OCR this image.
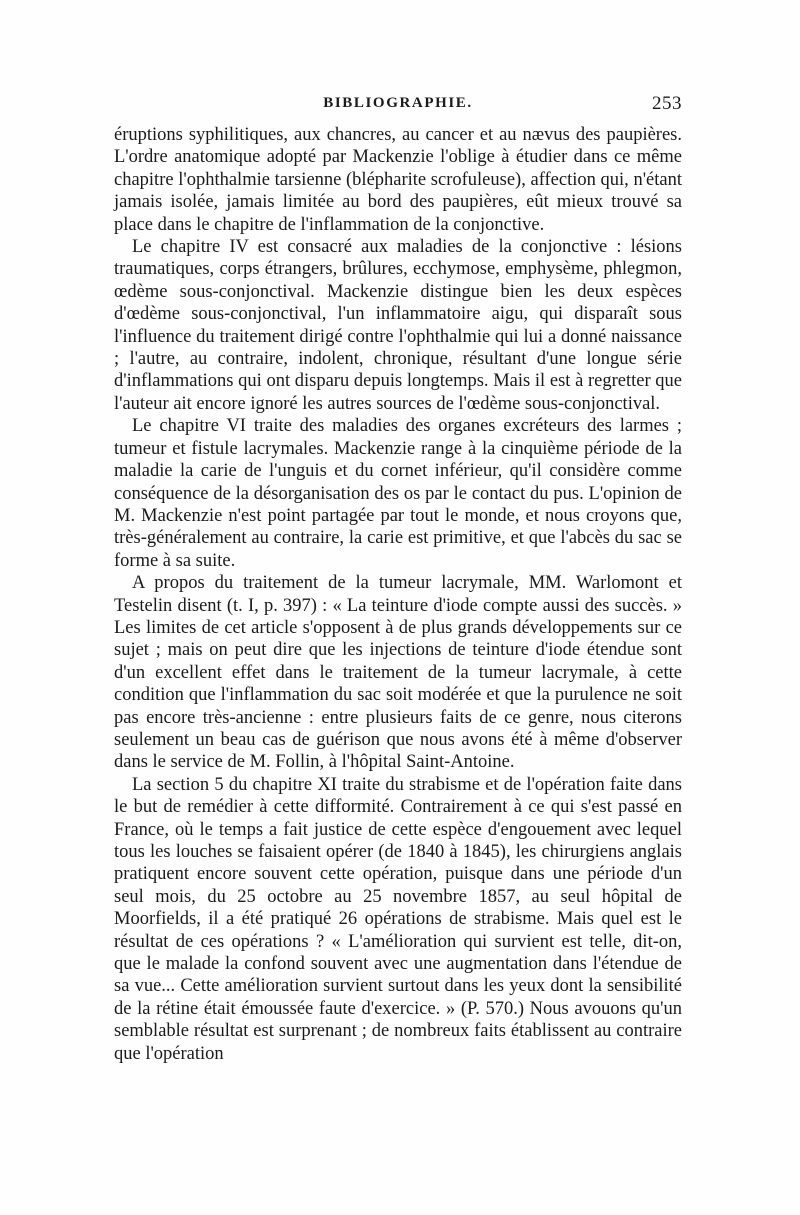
BIBLIOGRAPHIE.	253

éruptions syphilitiques, aux chancres, au cancer et au nævus des paupières. L'ordre anatomique adopté par Mackenzie l'oblige à étudier dans ce même chapitre l'ophthalmie tarsienne (blépharite scrofuleuse), affection qui, n'étant jamais isolée, jamais limitée au bord des paupières, eût mieux trouvé sa place dans le chapitre de l'inflammation de la conjonctive.

Le chapitre IV est consacré aux maladies de la conjonctive : lésions traumatiques, corps étrangers, brûlures, ecchymose, emphysème, phlegmon, œdème sous-conjonctival. Mackenzie distingue bien les deux espèces d'œdème sous-conjonctival, l'un inflammatoire aigu, qui disparaît sous l'influence du traitement dirigé contre l'ophthalmie qui lui a donné naissance ; l'autre, au contraire, indolent, chronique, résultant d'une longue série d'inflammations qui ont disparu depuis longtemps. Mais il est à regretter que l'auteur ait encore ignoré les autres sources de l'œdème sous-conjonctival.

Le chapitre VI traite des maladies des organes excréteurs des larmes ; tumeur et fistule lacrymales. Mackenzie range à la cinquième période de la maladie la carie de l'unguis et du cornet inférieur, qu'il considère comme conséquence de la désorganisation des os par le contact du pus. L'opinion de M. Mackenzie n'est point partagée par tout le monde, et nous croyons que, très-généralement au contraire, la carie est primitive, et que l'abcès du sac se forme à sa suite.

A propos du traitement de la tumeur lacrymale, MM. Warlomont et Testelin disent (t. I, p. 397) : « La teinture d'iode compte aussi des succès. » Les limites de cet article s'opposent à de plus grands développements sur ce sujet ; mais on peut dire que les injections de teinture d'iode étendue sont d'un excellent effet dans le traitement de la tumeur lacrymale, à cette condition que l'inflammation du sac soit modérée et que la purulence ne soit pas encore très-ancienne : entre plusieurs faits de ce genre, nous citerons seulement un beau cas de guérison que nous avons été à même d'observer dans le service de M. Follin, à l'hôpital Saint-Antoine.

La section 5 du chapitre XI traite du strabisme et de l'opération faite dans le but de remédier à cette difformité. Contrairement à ce qui s'est passé en France, où le temps a fait justice de cette espèce d'engouement avec lequel tous les louches se faisaient opérer (de 1840 à 1845), les chirurgiens anglais pratiquent encore souvent cette opération, puisque dans une période d'un seul mois, du 25 octobre au 25 novembre 1857, au seul hôpital de Moorfields, il a été pratiqué 26 opérations de strabisme. Mais quel est le résultat de ces opérations ? « L'amélioration qui survient est telle, dit-on, que le malade la confond souvent avec une augmentation dans l'étendue de sa vue... Cette amélioration survient surtout dans les yeux dont la sensibilité de la rétine était émoussée faute d'exercice. » (P. 570.) Nous avouons qu'un semblable résultat est surprenant ; de nombreux faits établissent au contraire que l'opération
